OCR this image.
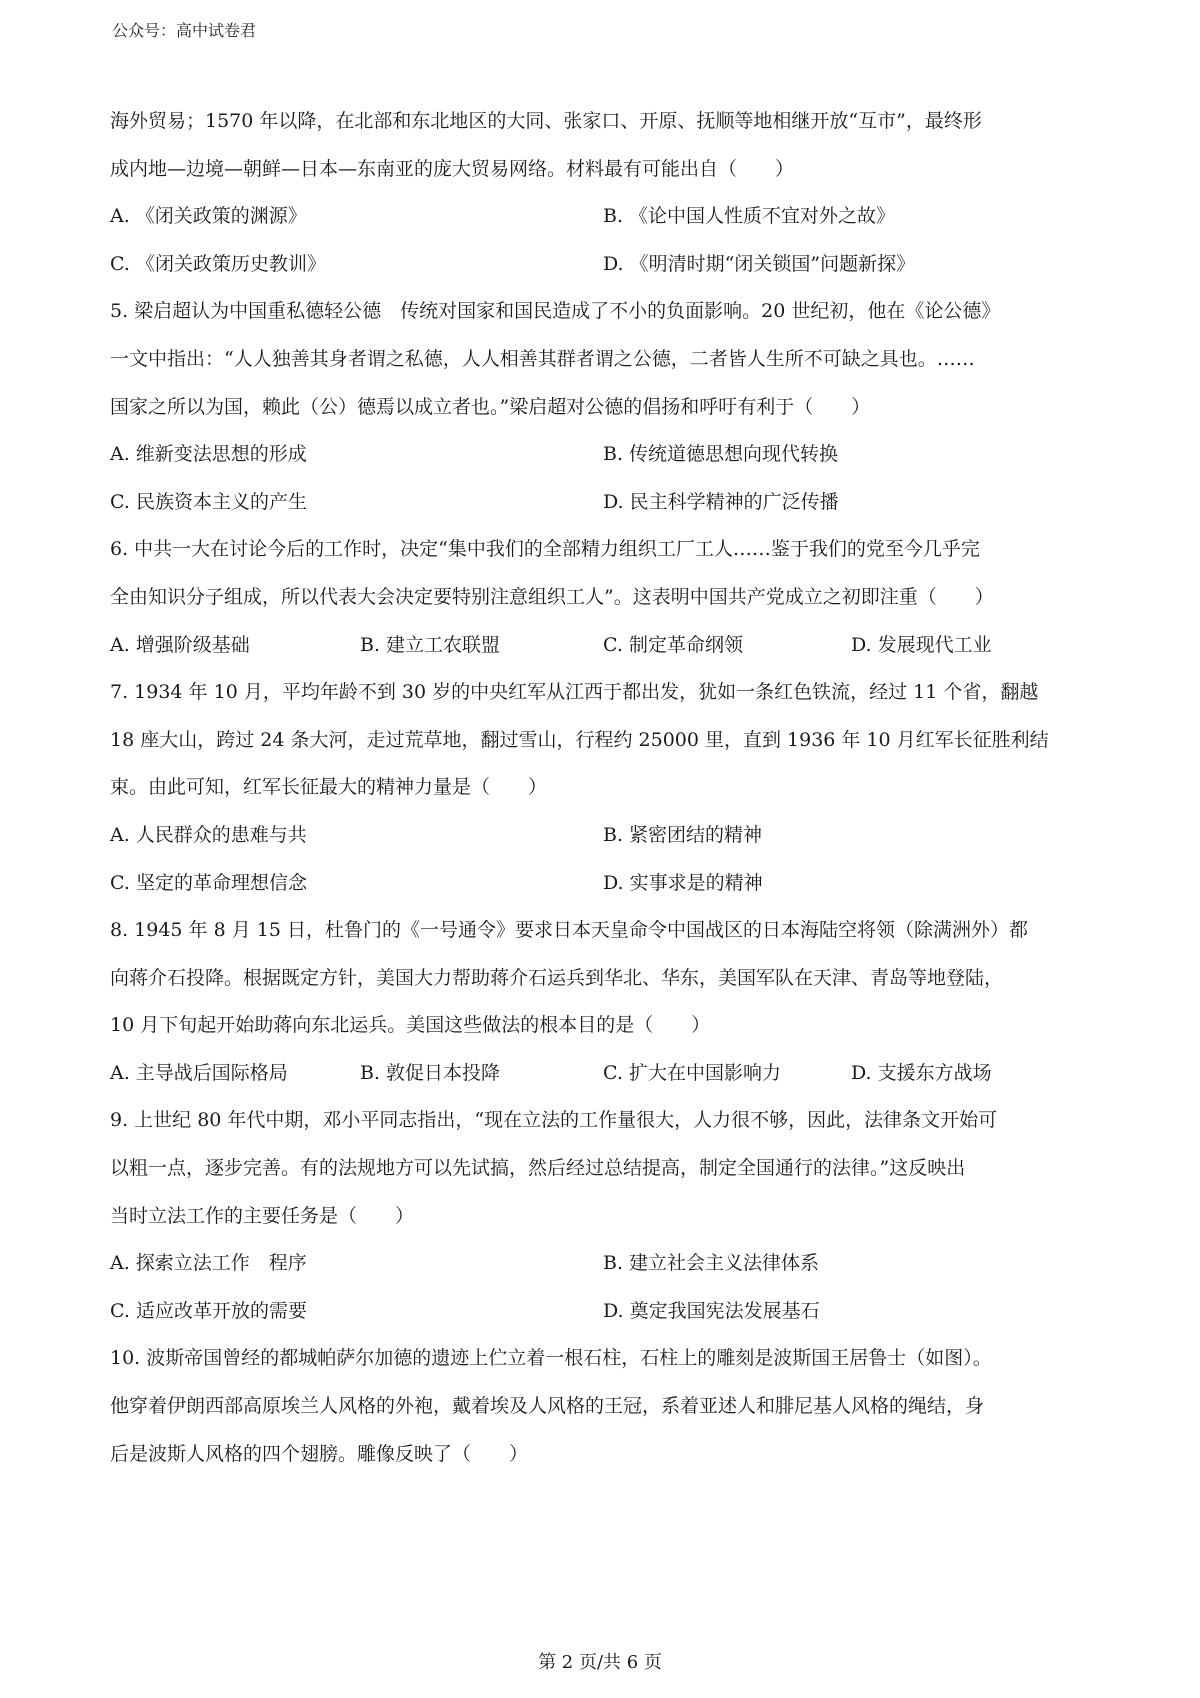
公众号：高中试卷君
海外贸易；1570 年以降，在北部和东北地区的大同、张家口、开原、抚顺等地相继开放“互市”，最终形
成内地—边境—朝鲜—日本—东南亚的庞大贸易网络。材料最有可能出自（　　）
A. 《闭关政策的渊源》	B. 《论中国人性质不宜对外之故》
C. 《闭关政策历史教训》	D. 《明清时期“闭关锁国”问题新探》
5. 梁启超认为中国重私德轻公德　传统对国家和国民造成了不小的负面影响。20 世纪初，他在《论公德》
一文中指出：“人人独善其身者谓之私德，人人相善其群者谓之公德，二者皆人生所不可缺之具也。……
国家之所以为国，赖此（公）德焉以成立者也。”梁启超对公德的倡扬和呼吁有利于（　　）
A. 维新变法思想的形成	B. 传统道德思想向现代转换
C. 民族资本主义的产生	D. 民主科学精神的广泛传播
6. 中共一大在讨论今后的工作时，决定“集中我们的全部精力组织工厂工人……鉴于我们的党至今几乎完
全由知识分子组成，所以代表大会决定要特别注意组织工人”。这表明中国共产党成立之初即注重（　　）
A. 增强阶级基础	B. 建立工农联盟	C. 制定革命纲领	D. 发展现代工业
7. 1934 年 10 月，平均年龄不到 30 岁的中央红军从江西于都出发，犹如一条红色铁流，经过 11 个省，翻越
18 座大山，跨过 24 条大河，走过荒草地，翻过雪山，行程约 25000 里，直到 1936 年 10 月红军长征胜利结
束。由此可知，红军长征最大的精神力量是（　　）
A. 人民群众的患难与共	B. 紧密团结的精神
C. 坚定的革命理想信念	D. 实事求是的精神
8. 1945 年 8 月 15 日，杜鲁门的《一号通令》要求日本天皇命令中国战区的日本海陆空将领（除满洲外）都
向蒋介石投降。根据既定方针，美国大力帮助蒋介石运兵到华北、华东，美国军队在天津、青岛等地登陆，
10 月下旬起开始助蒋向东北运兵。美国这些做法的根本目的是（　　）
A. 主导战后国际格局	B. 敦促日本投降	C. 扩大在中国影响力	D. 支援东方战场
9. 上世纪 80 年代中期，邓小平同志指出，“现在立法的工作量很大，人力很不够，因此，法律条文开始可
以粗一点，逐步完善。有的法规地方可以先试搞，然后经过总结提高，制定全国通行的法律。”这反映出
当时立法工作的主要任务是（　　）
A. 探索立法工作　程序	B. 建立社会主义法律体系
C. 适应改革开放的需要	D. 奠定我国宪法发展基石
10. 波斯帝国曾经的都城帕萨尔加德的遗迹上伫立着一根石柱，石柱上的雕刻是波斯国王居鲁士（如图）。
他穿着伊朗西部高原埃兰人风格的外袍，戴着埃及人风格的王冠，系着亚述人和腓尼基人风格的绳结，身
后是波斯人风格的四个翅膀。雕像反映了（　　）
第 2 页/共 6 页
